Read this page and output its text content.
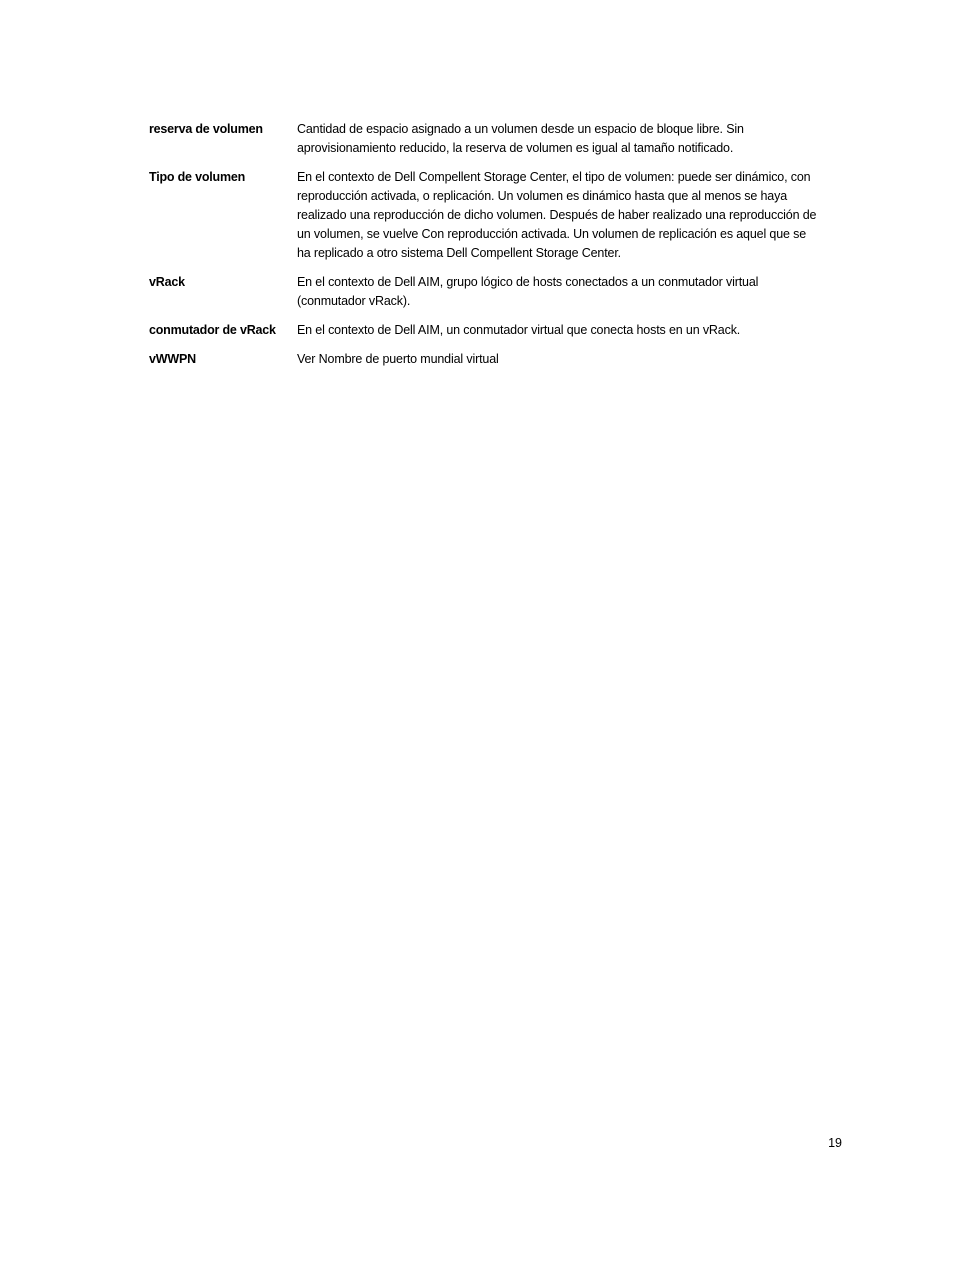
reserva de volumen	Cantidad de espacio asignado a un volumen desde un espacio de bloque libre. Sin aprovisionamiento reducido, la reserva de volumen es igual al tamaño notificado.

Tipo de volumen	En el contexto de Dell Compellent Storage Center, el tipo de volumen: puede ser dinámico, con reproducción activada, o replicación. Un volumen es dinámico hasta que al menos se haya realizado una reproducción de dicho volumen. Después de haber realizado una reproducción de un volumen, se vuelve Con reproducción activada. Un volumen de replicación es aquel que se ha replicado a otro sistema Dell Compellent Storage Center.

vRack	En el contexto de Dell AIM, grupo lógico de hosts conectados a un conmutador virtual (conmutador vRack).

conmutador de vRack	En el contexto de Dell AIM, un conmutador virtual que conecta hosts en un vRack.

vWWPN	Ver Nombre de puerto mundial virtual

19
